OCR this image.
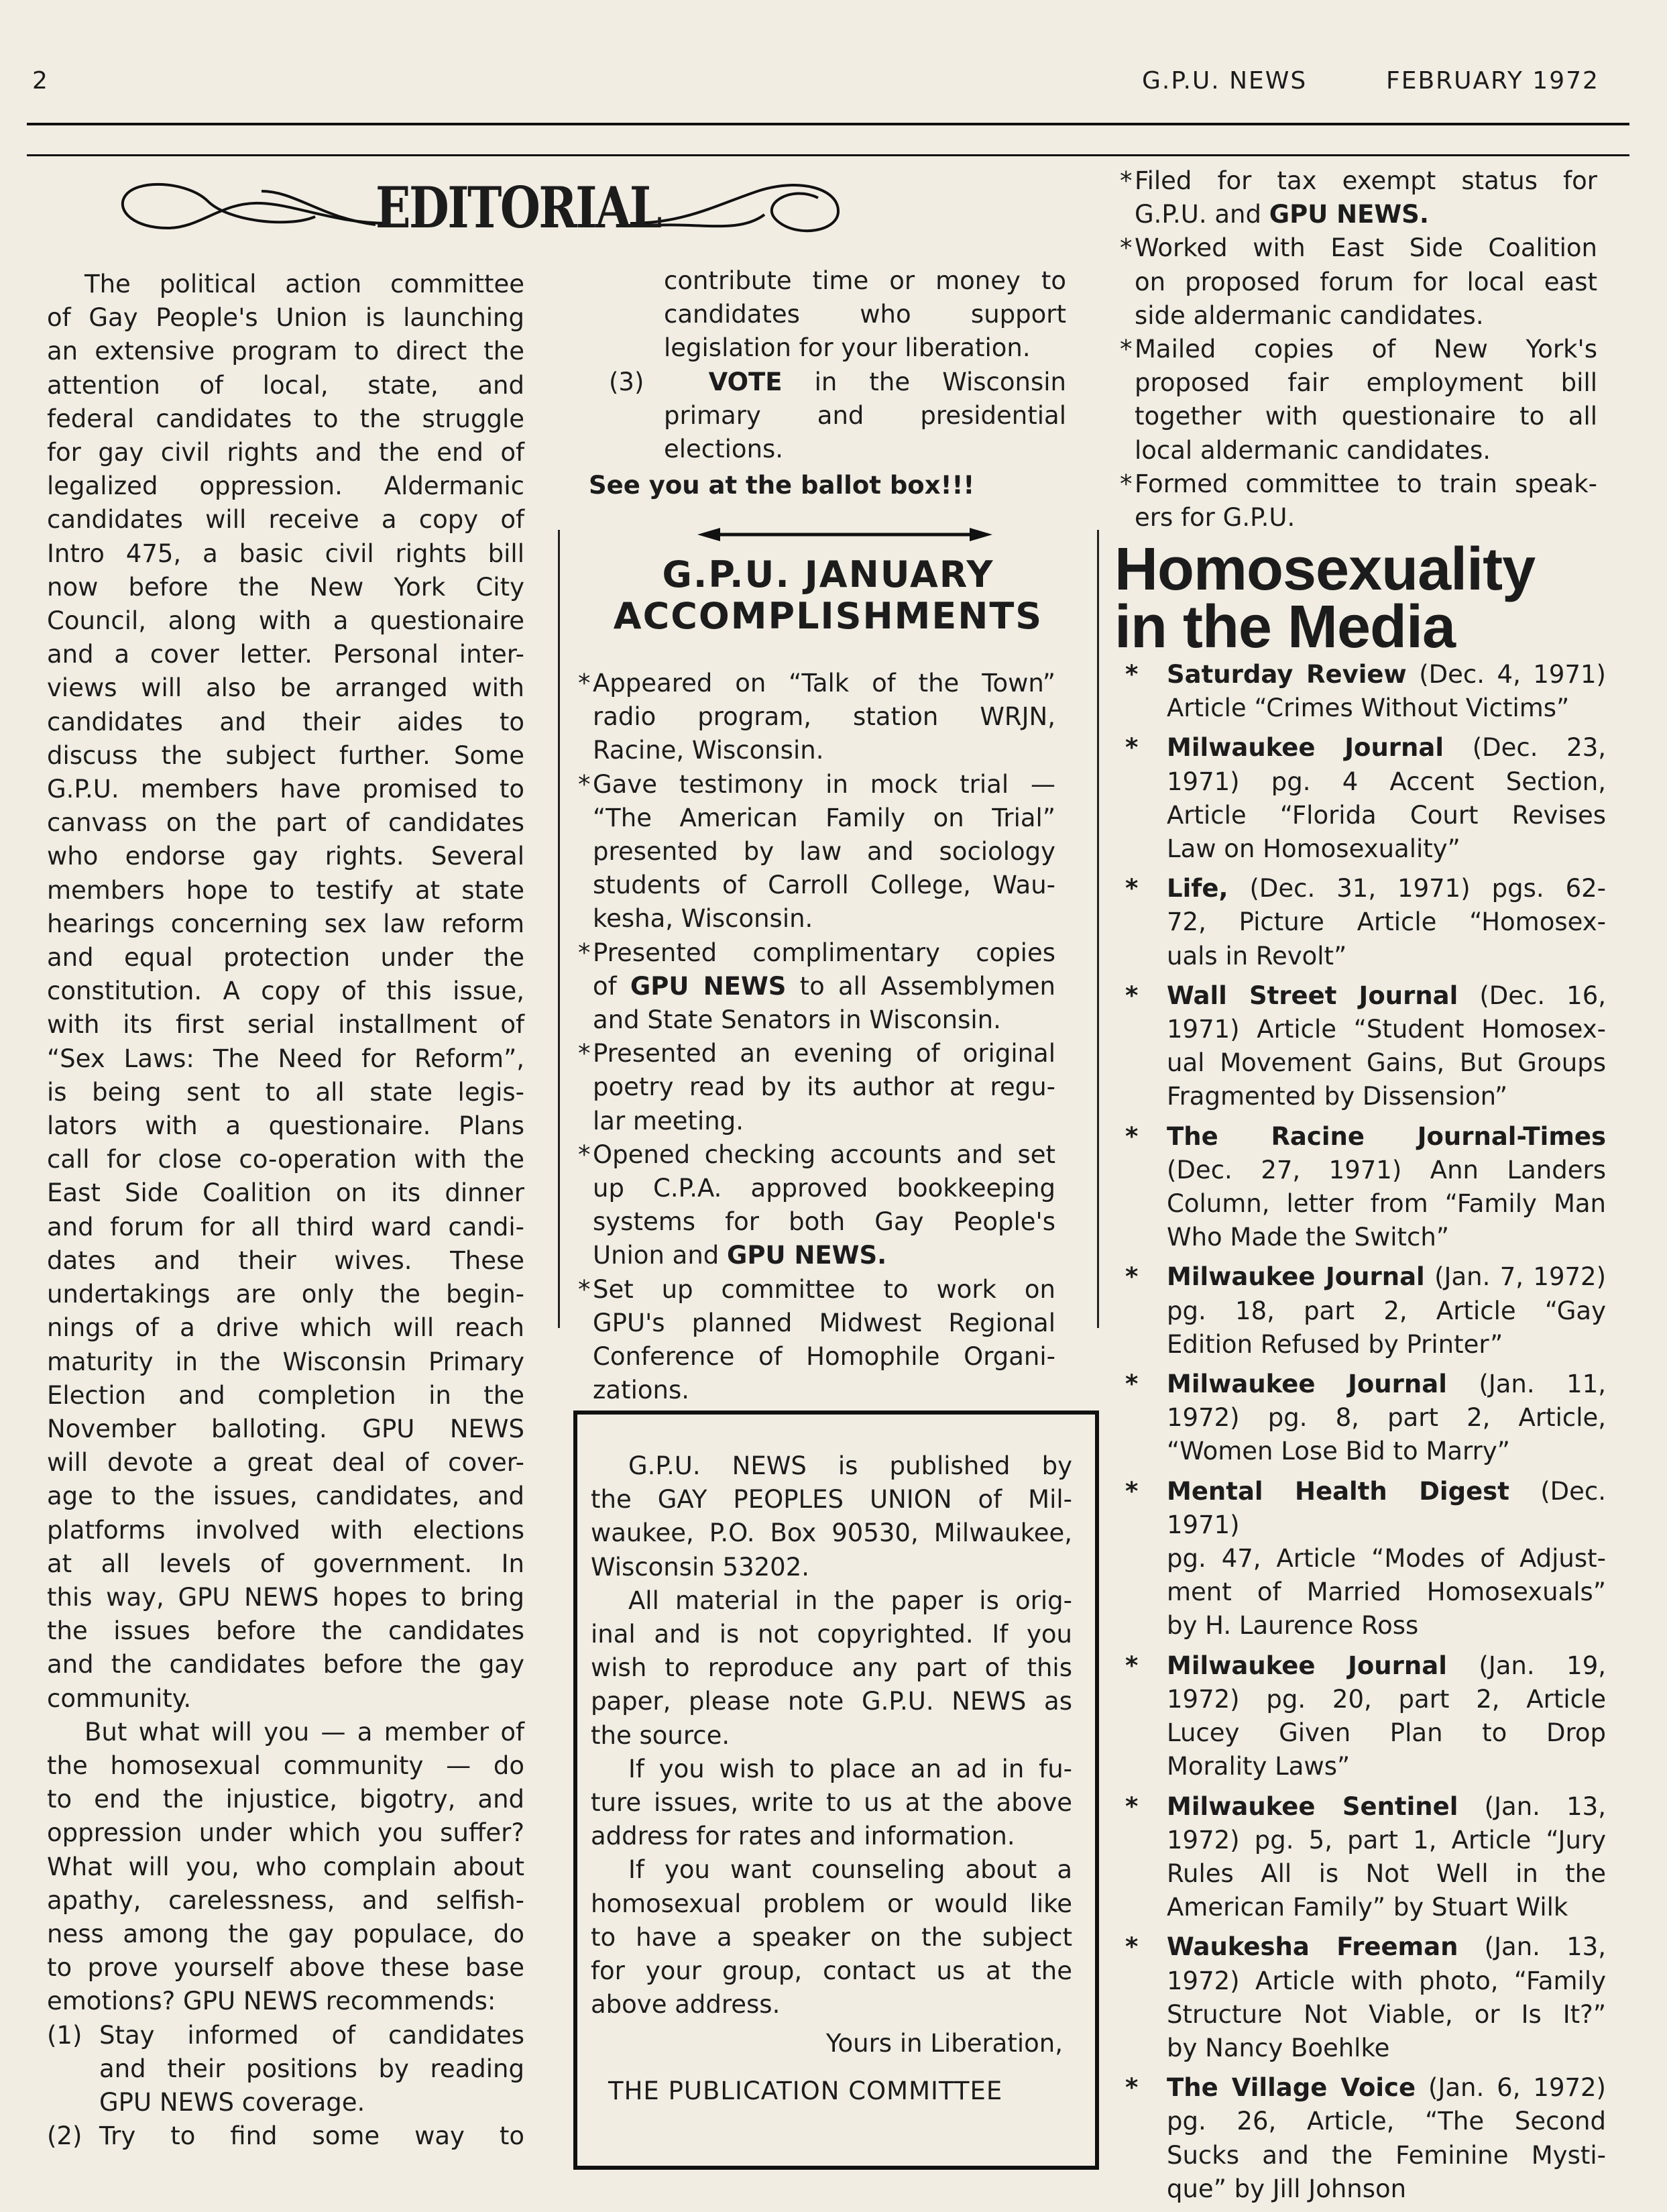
2	G.P.U. NEWS	FEBRUARY 1972
EDITORIAL

The political action committee

of Gay People's Union is launching

an extensive program to direct the

attention of local, state, and

federal candidates to the struggle

for gay civil rights and the end of

legalized oppression. Aldermanic

candidates will receive a copy of

Intro 475, a basic civil rights bill

now before the New York City

Council, along with a questionaire

and a cover letter. Personal inter-

views will also be arranged with

candidates and their aides to

discuss the subject further. Some

G.P.U. members have promised to

canvass on the part of candidates

who endorse gay rights. Several

members hope to testify at state

hearings concerning sex law reform

and equal protection under the

constitution. A copy of this issue,

with its first serial installment of

“Sex Laws: The Need for Reform”,

is being sent to all state legis-

lators with a questionaire. Plans

call for close co-operation with the

East Side Coalition on its dinner

and forum for all third ward candi-

dates and their wives. These

undertakings are only the begin-

nings of a drive which will reach

maturity in the Wisconsin Primary

Election and completion in the

November balloting. GPU NEWS

will devote a great deal of cover-

age to the issues, candidates, and

platforms involved with elections

at all levels of government. In

this way, GPU NEWS hopes to bring

the issues before the candidates

and the candidates before the gay

community.

But what will you — a member of

the homosexual community — do

to end the injustice, bigotry, and

oppression under which you suffer?

What will you, who complain about

apathy, carelessness, and selfish-

ness among the gay populace, do

to prove yourself above these base

emotions? GPU NEWS recommends:

(1) Stay informed of candidates
and their positions by reading
GPU NEWS coverage.

(2) Try to find some way to

contribute time or money to

candidates who support

legislation for your liberation.

(3)	VOTE in the Wisconsin
primary and presidential
elections.

See you at the ballot box!!!

G.P.U. JANUARY
ACCOMPLISHMENTS

* Appeared on “Talk of the Town”

radio program, station WRJN,

Racine, Wisconsin.

* Gave testimony in mock trial —

“The American Family on Trial”

presented by law and sociology

students of Carroll College, Wau-

kesha, Wisconsin.

* Presented complimentary copies

of GPU NEWS to all Assemblymen

and State Senators in Wisconsin.

* Presented an evening of original

poetry read by its author at regu-

lar meeting.

* Opened checking accounts and set

up C.P.A. approved bookkeeping

systems for both Gay People's

Union and GPU NEWS.

* Set up committee to work on

GPU's planned Midwest Regional

Conference of Homophile Organi-

zations.

G.P.U. NEWS is published by

the GAY PEOPLES UNION of Mil-

waukee, P.O. Box 90530, Milwaukee,

Wisconsin 53202.

All material in the paper is orig-

inal and is not copyrighted. If you

wish to reproduce any part of this

paper, please note G.P.U. NEWS as

the source.

If you wish to place an ad in fu-

ture issues, write to us at the above

address for rates and information.

If you want counseling about a

homosexual problem or would like

to have a speaker on the subject

for your group, contact us at the

above address.

Yours in Liberation,

THE PUBLICATION COMMITTEE

* Filed for tax exempt status for

G.P.U. and GPU NEWS.

* Worked with East Side Coalition

on proposed forum for local east

side aldermanic candidates.

* Mailed copies of New York's

proposed fair employment bill

together with questionaire to all

local aldermanic candidates.

* Formed committee to train speak-

ers for G.P.U.

Homosexuality
in the Media
* Saturday Review (Dec. 4, 1971)

Article “Crimes Without Victims”

* Milwaukee Journal (Dec. 23,

1971) pg. 4 Accent Section,

Article “Florida Court Revises

Law on Homosexuality”

* Life, (Dec. 31, 1971) pgs. 62-

72, Picture Article “Homosex-

uals in Revolt”

* Wall Street Journal (Dec. 16,

1971) Article “Student Homosex-

ual Movement Gains, But Groups

Fragmented by Dissension”

* The Racine Journal-Times

(Dec. 27, 1971) Ann Landers

Column, letter from “Family Man

Who Made the Switch”

* Milwaukee Journal (Jan. 7, 1972)

pg. 18, part 2, Article “Gay

Edition Refused by Printer”

* Milwaukee Journal (Jan. 11,

1972) pg. 8, part 2, Article,

“Women Lose Bid to Marry”

* Mental Health Digest (Dec. 1971)

pg. 47, Article “Modes of Adjust-

ment of Married Homosexuals”

by H. Laurence Ross

* Milwaukee Journal (Jan. 19,

1972) pg. 20, part 2, Article

Lucey Given Plan to Drop

Morality Laws”

* Milwaukee Sentinel (Jan. 13,

1972) pg. 5, part 1, Article “Jury

Rules All is Not Well in the

American Family” by Stuart Wilk

* Waukesha Freeman (Jan. 13,

1972) Article with photo, “Family

Structure Not Viable, or Is It?”

by Nancy Boehlke

* The Village Voice (Jan. 6, 1972)

pg. 26, Article, “The Second

Sucks and the Feminine Mysti-

que” by Jill Johnson
